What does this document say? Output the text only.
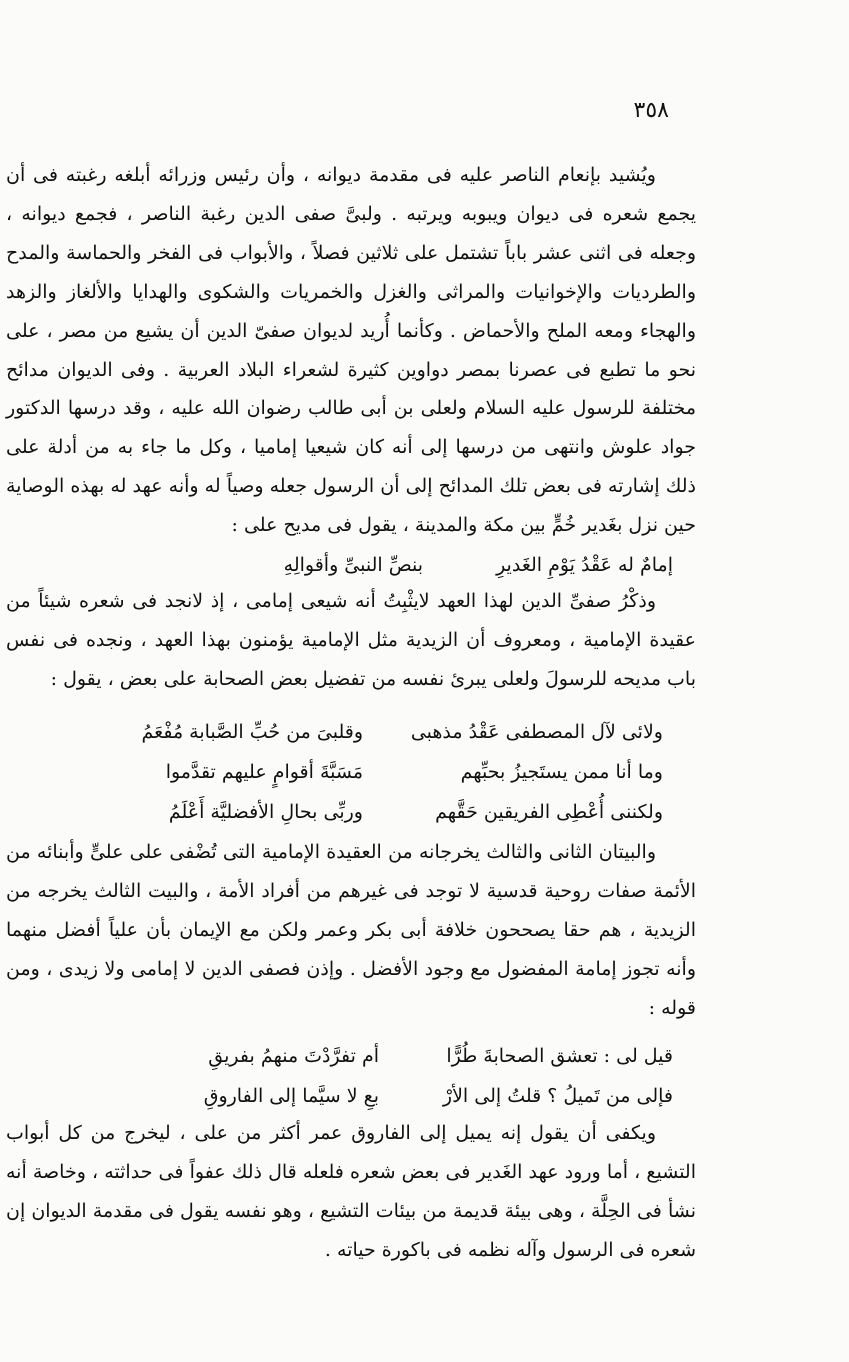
٣٥٨

ويُشيد بإنعام الناصر عليه فى مقدمة ديوانه ، وأن رئيس وزرائه أبلغه رغبته فى أن يجمع شعره فى ديوان ويبوبه ويرتبه . ولبىَّ صفى الدين رغبة الناصر ، فجمع ديوانه ، وجعله فى اثنى عشر باباً تشتمل على ثلاثين فصلاً ، والأبواب فى الفخر والحماسة والمدح والطرديات والإخوانيات والمراثى والغزل والخمريات والشكوى والهدايا والألغاز والزهد والهجاء ومعه الملح والأحماض . وكأنما أُريد لديوان صفىّ الدين أن يشيع من مصر ، على نحو ما تطبع فى عصرنا بمصر دواوين كثيرة لشعراء البلاد العربية . وفى الديوان مدائح مختلفة للرسول عليه السلام ولعلى بن أبى طالب رضوان الله عليه ، وقد درسها الدكتور جواد علوش وانتهى من درسها إلى أنه كان شيعيا إماميا ، وكل ما جاء به من أدلة على ذلك إشارته فى بعض تلك المدائح إلى أن الرسول جعله وصياً له وأنه عهد له بهذه الوصاية حين نزل بغَدير خُمٍّ بين مكة والمدينة ، يقول فى مديح على :

إمامٌ له عَقْدُ يَوْمِ الغَديرِ
بنصِّ النبىِّ وأقوالِهِ

وذكْرُ صفىِّ الدين لهذا العهد لايثْبِتُ أنه شيعى إمامى ، إذ لانجد فى شعره شيئاً من عقيدة الإمامية ، ومعروف أن الزيدية مثل الإمامية يؤمنون بهذا العهد ، ونجده فى نفس باب مديحه للرسولَ ولعلى يبرئ نفسه من تفضيل بعض الصحابة على بعض ، يقول :

ولائى لآل المصطفى عَقْدُ مذهبى
وقلبىَ من حُبِّ الصَّبابة مُفْعَمُ
وما أنا ممن يستَجيزُ بحبِّهم
مَسَبَّةَ أقوامٍ عليهم تقدَّموا
ولكننى أُعْطِى الفريقين حَقَّهم
وربِّى بحالِ الأفضليَّة أَعْلَمُ

والبيتان الثانى والثالث يخرجانه من العقيدة الإمامية التى تُضْفى على علىٍّ وأبنائه من الأئمة صفات روحية قدسية لا توجد فى غيرهم من أفراد الأمة ، والبيت الثالث يخرجه من الزيدية ، هم حقا يصححون خلافة أبى بكر وعمر ولكن مع الإيمان بأن علياً أفضل منهما وأنه تجوز إمامة المفضول مع وجود الأفضل . وإذن فصفى الدين لا إمامى ولا زيدى ، ومن قوله :

قيل لى : تعشق الصحابةَ طُرًّا
أم تفرَّدْتَ منهمُ بفريقِ
فإلى من تَميلُ ؟ قلتُ إلى الأرْ
بعِ لا سيَّما إلى الفاروقِ

ويكفى أن يقول إنه يميل إلى الفاروق عمر أكثر من على ، ليخرج من كل أبواب التشيع ، أما ورود عهد الغَدير فى بعض شعره فلعله قال ذلك عفواً فى حداثته ، وخاصة أنه نشأ فى الحِلَّة ، وهى بيئة قديمة من بيئات التشيع ، وهو نفسه يقول فى مقدمة الديوان إن شعره فى الرسول وآله نظمه فى باكورة حياته .
